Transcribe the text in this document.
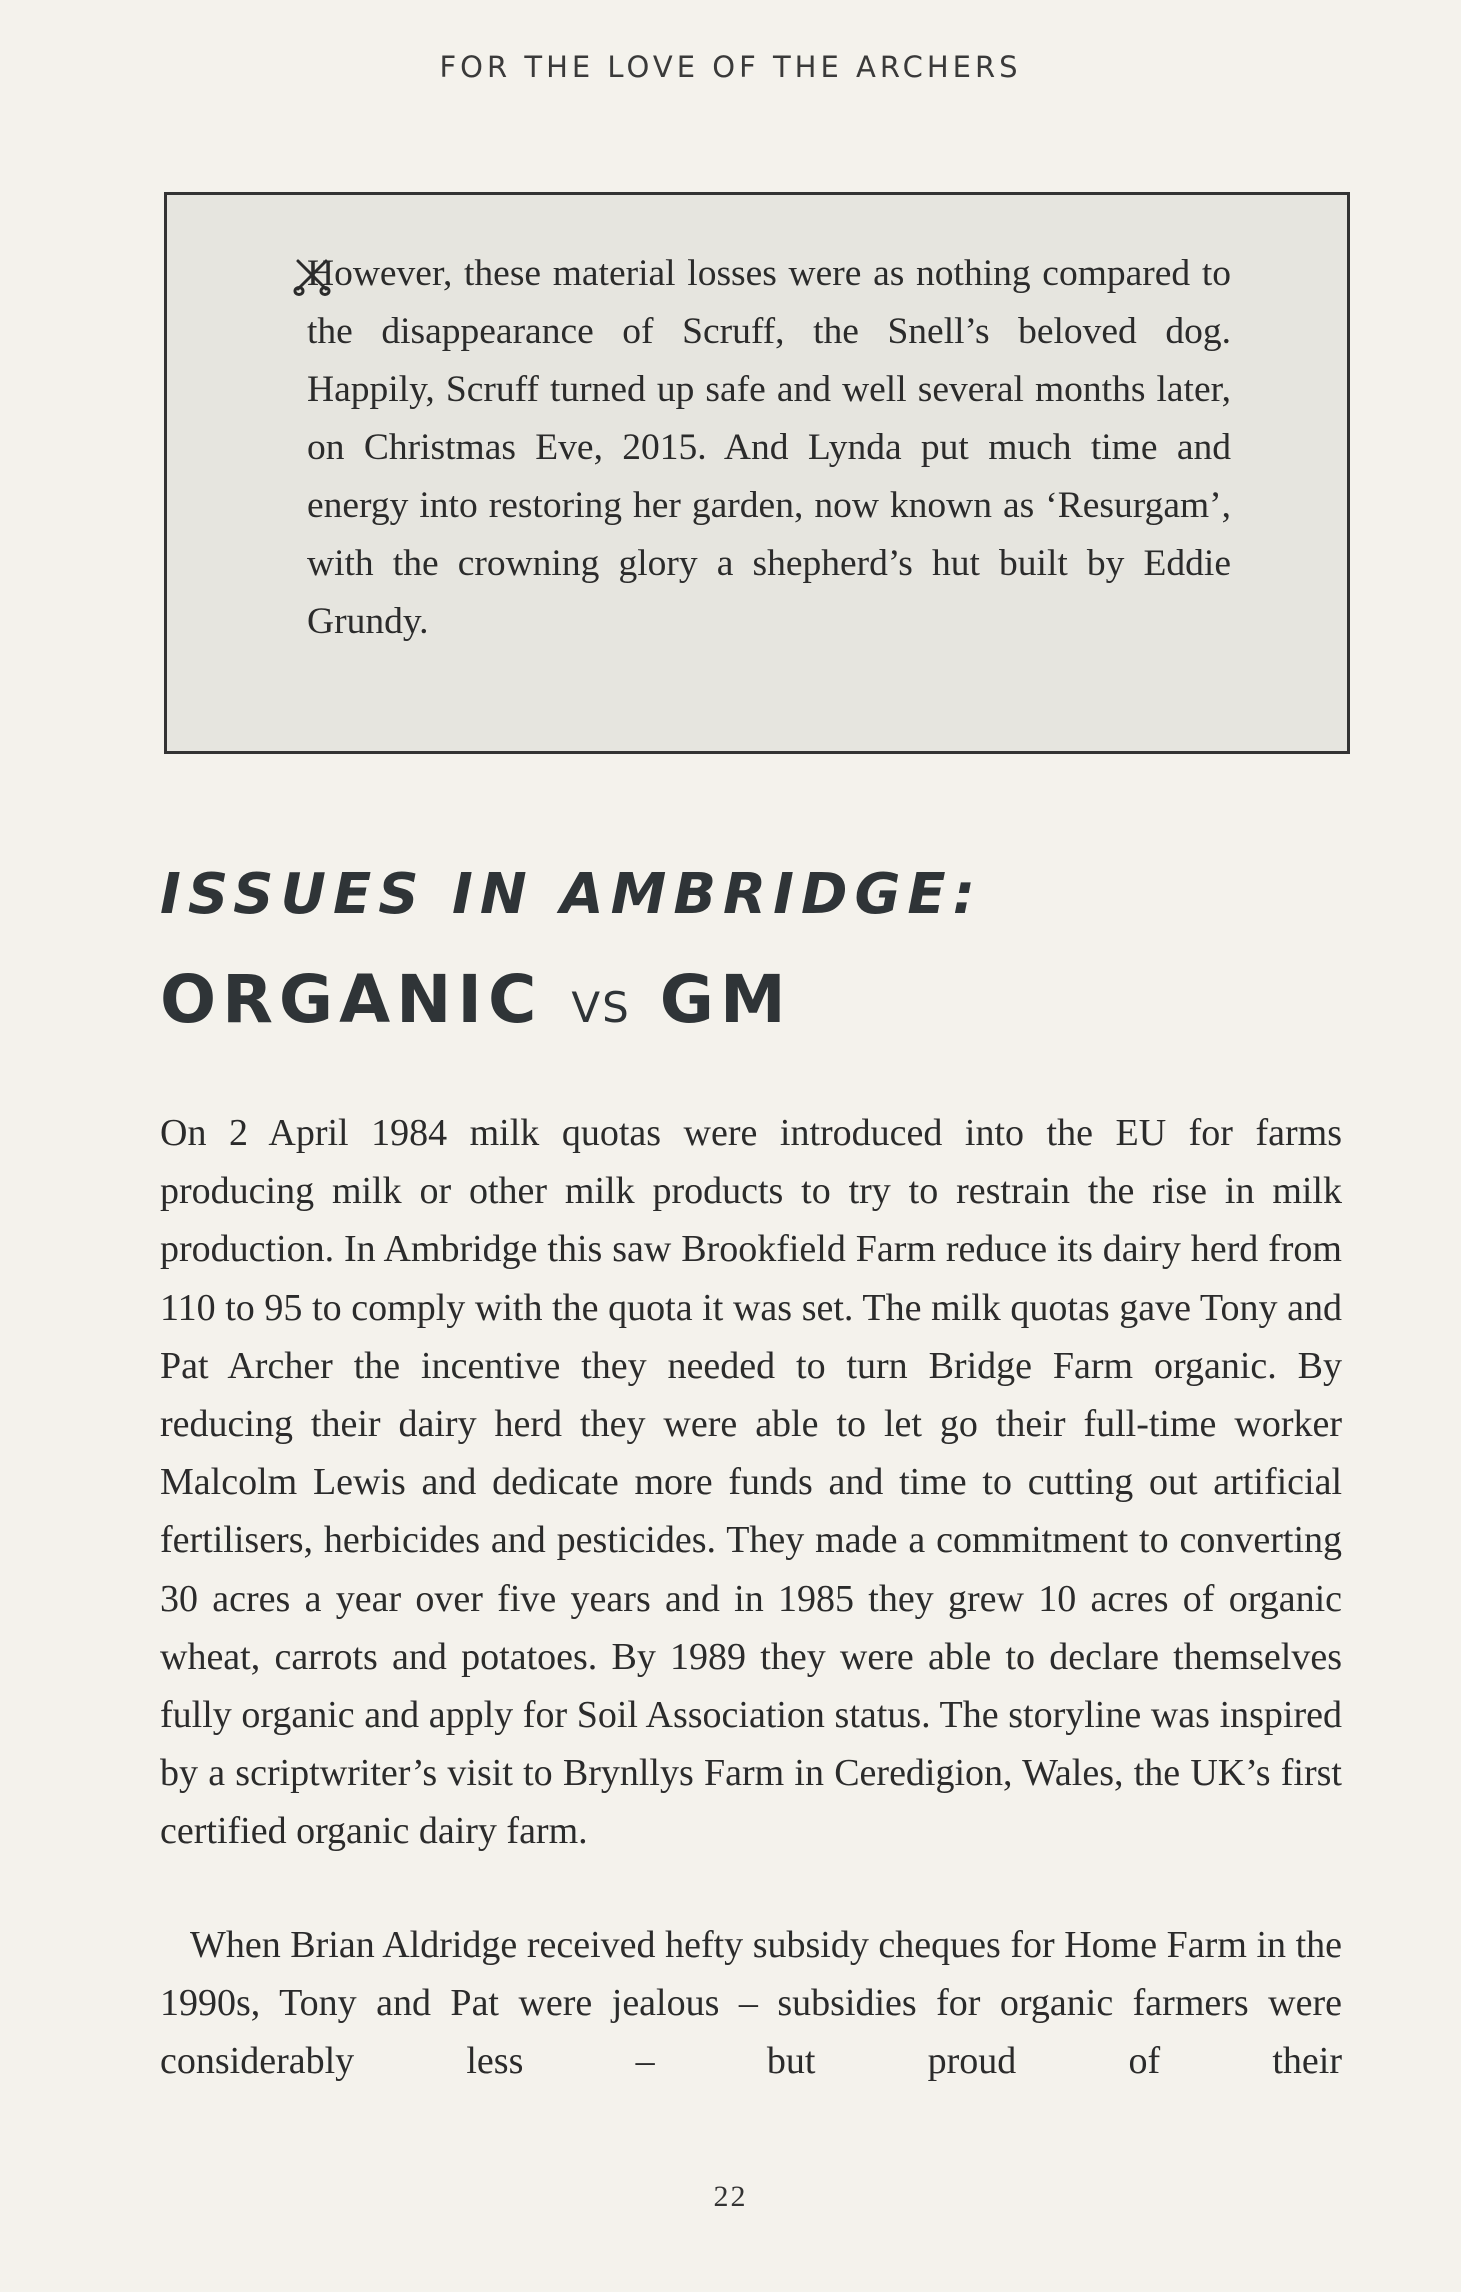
FOR THE LOVE OF THE ARCHERS

However, these material losses were as nothing compared to the disappearance of Scruff, the Snell’s beloved dog. Happily, Scruff turned up safe and well several months later, on Christmas Eve, 2015. And Lynda put much time and energy into restoring her garden, now known as ‘Resurgam’, with the crowning glory a shepherd’s hut built by Eddie Grundy.

ISSUES IN AMBRIDGE:
ORGANIC VS GM

On 2 April 1984 milk quotas were introduced into the EU for farms producing milk or other milk products to try to restrain the rise in milk production. In Ambridge this saw Brookfield Farm reduce its dairy herd from 110 to 95 to comply with the quota it was set. The milk quotas gave Tony and Pat Archer the incentive they needed to turn Bridge Farm organic. By reducing their dairy herd they were able to let go their full-time worker Malcolm Lewis and dedicate more funds and time to cutting out artificial fertilisers, herbicides and pesticides. They made a commitment to converting 30 acres a year over five years and in 1985 they grew 10 acres of organic wheat, carrots and potatoes. By 1989 they were able to declare themselves fully organic and apply for Soil Association status. The storyline was inspired by a scriptwriter’s visit to Brynllys Farm in Ceredigion, Wales, the UK’s first certified organic dairy farm.

When Brian Aldridge received hefty subsidy cheques for Home Farm in the 1990s, Tony and Pat were jealous – subsidies for organic farmers were considerably less – but proud of their

22
